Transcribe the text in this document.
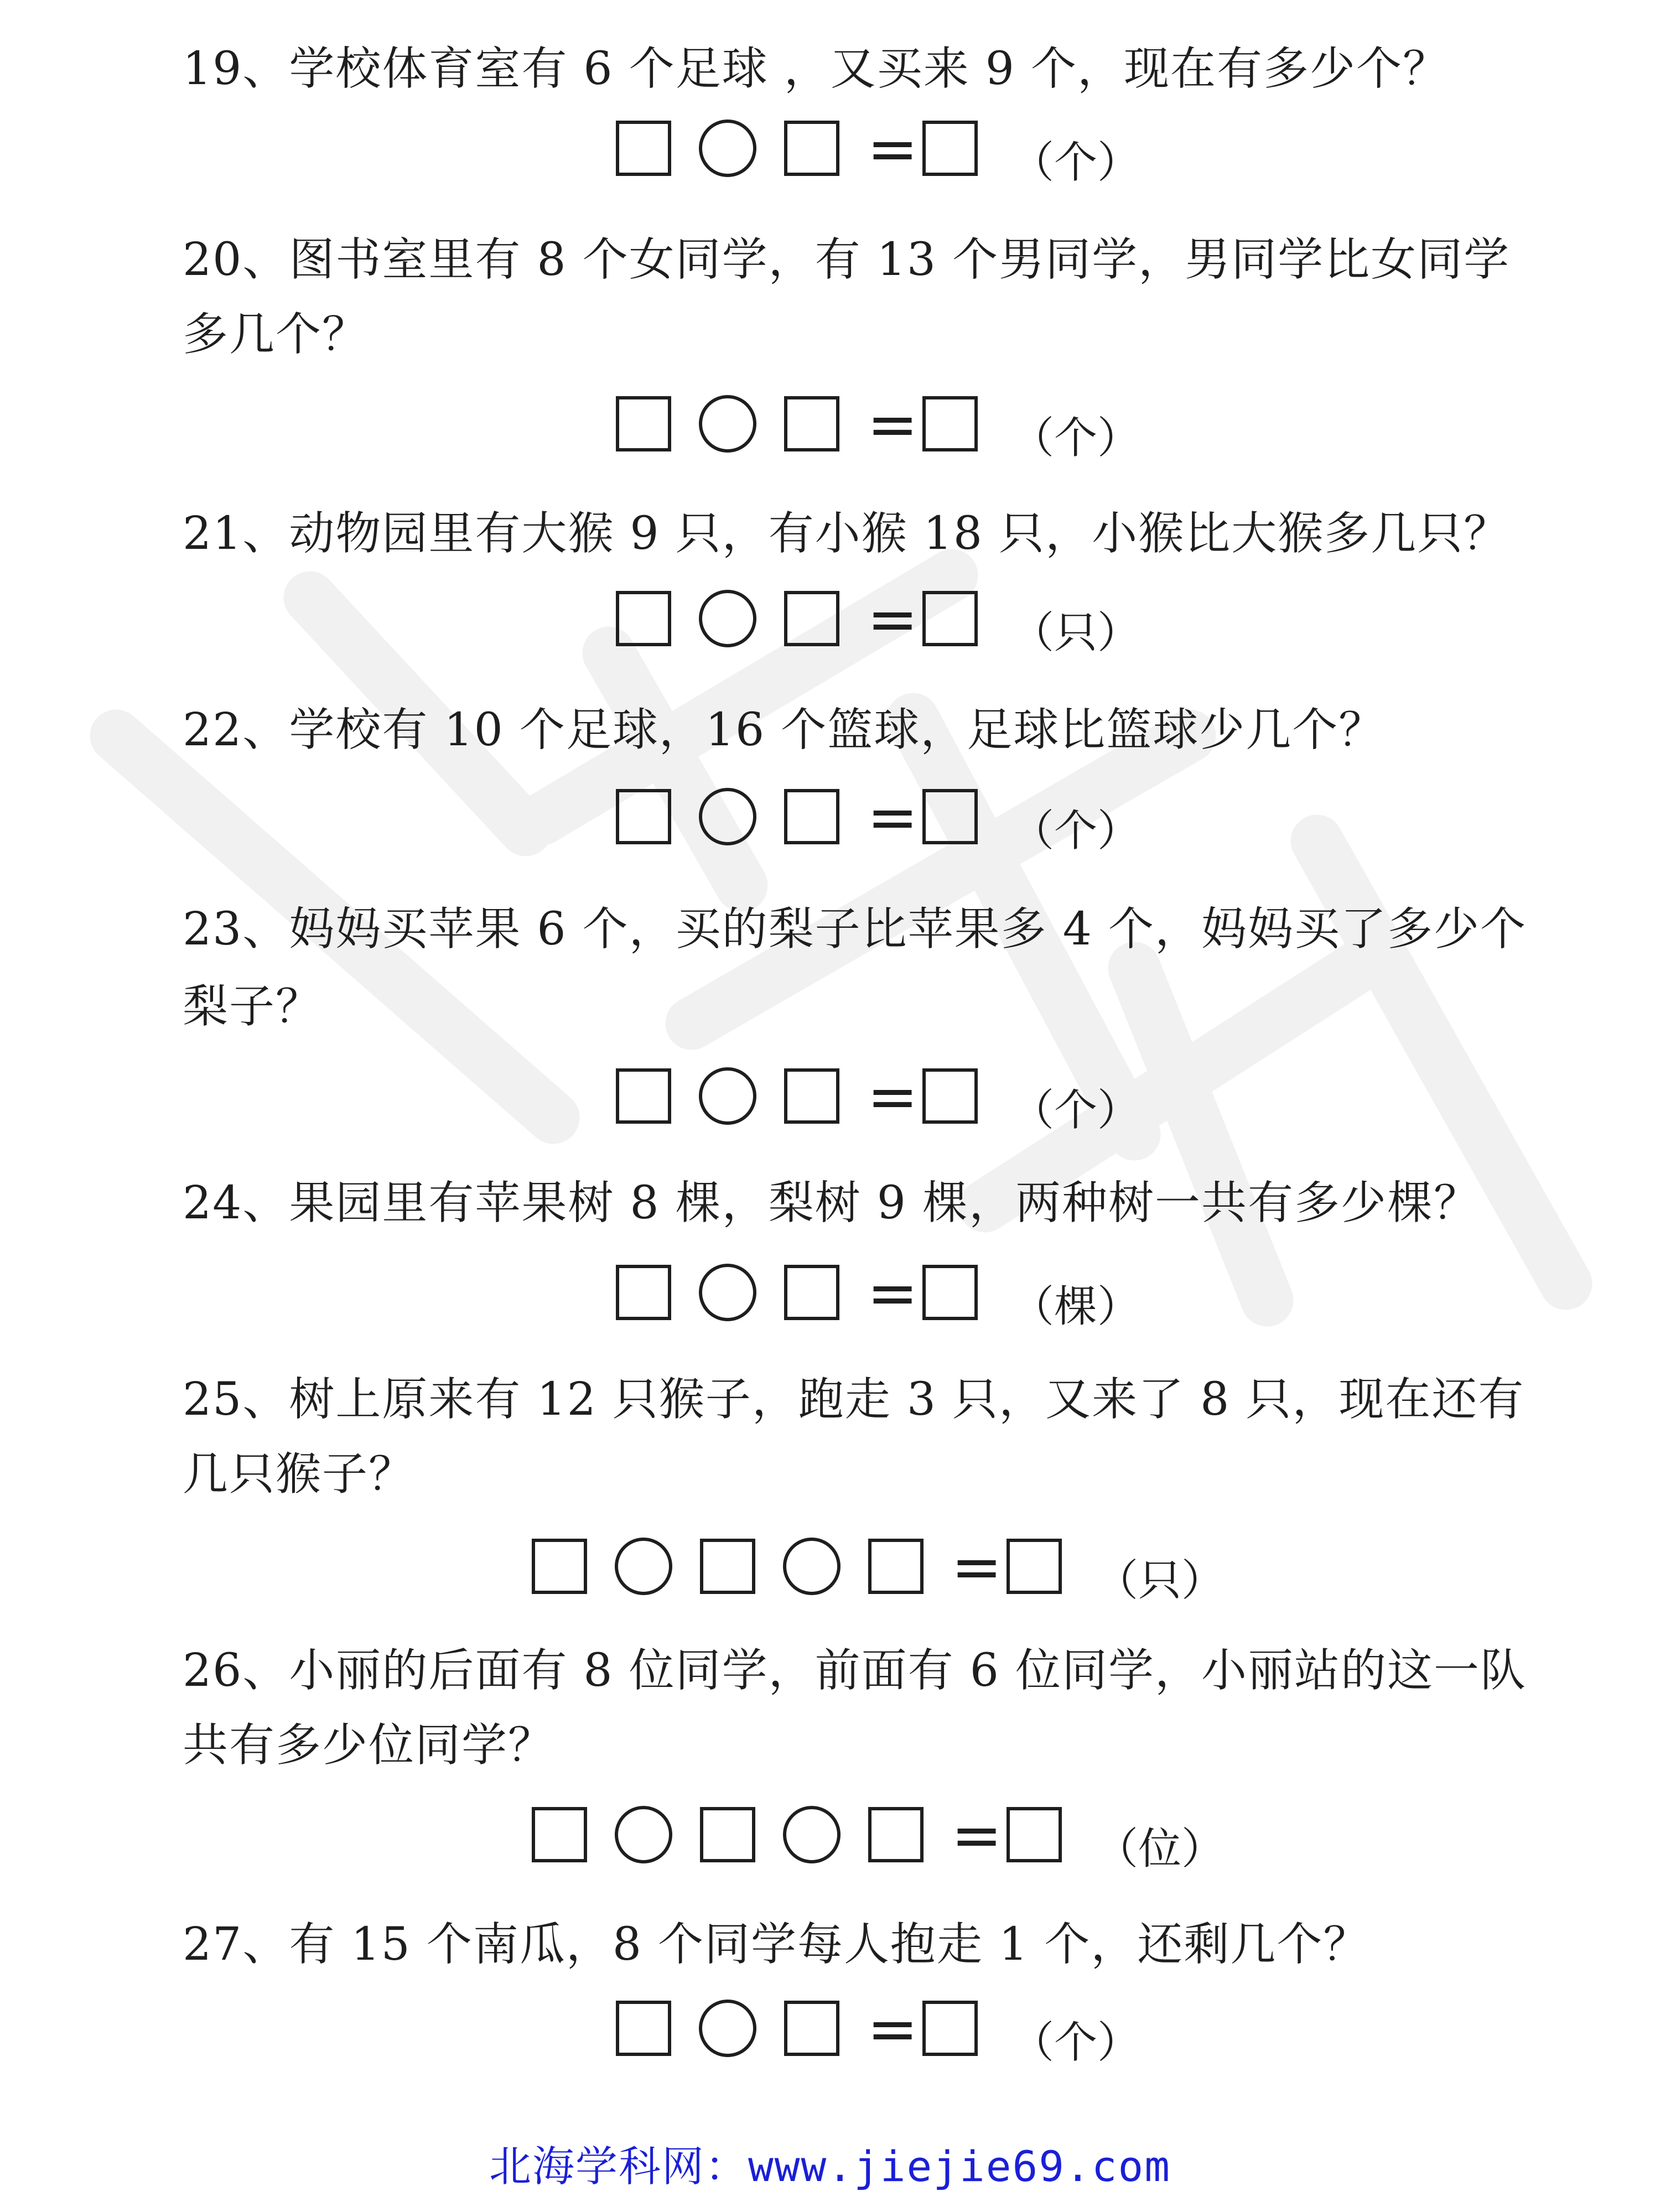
19、学校体育室有 6 个足球 ，又买来 9 个，现在有多少个？

= （个）

20、图书室里有 8 个女同学，有 13 个男同学，男同学比女同学

多几个？

= （个）

21、动物园里有大猴 9 只，有小猴 18 只，小猴比大猴多几只？

= （只）

22、学校有 10 个足球，16 个篮球，足球比篮球少几个？

= （个）

23、妈妈买苹果 6 个，买的梨子比苹果多 4 个，妈妈买了多少个

梨子？

= （个）

24、果园里有苹果树 8 棵，梨树 9 棵，两种树一共有多少棵？

= （棵）

25、树上原来有 12 只猴子，跑走 3 只，又来了 8 只，现在还有

几只猴子？

= （只）

26、小丽的后面有 8 位同学，前面有 6 位同学，小丽站的这一队

共有多少位同学？

= （位）

27、有 15 个南瓜，8 个同学每人抱走 1 个，还剩几个？

= （个）
北海学科网：www.jiejie69.com
